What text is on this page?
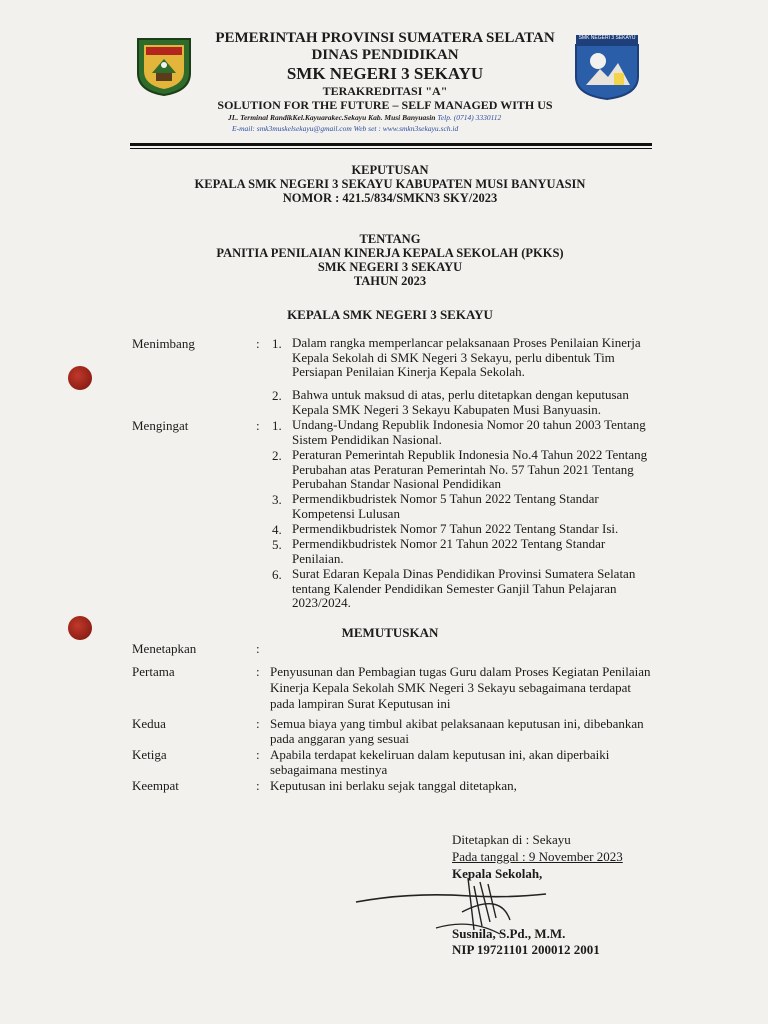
SMK NEGERI 3 SEKAYU
PEMERINTAH PROVINSI SUMATERA SELATAN
DINAS PENDIDIKAN
SMK NEGERI 3 SEKAYU
TERAKREDITASI "A"
SOLUTION FOR THE FUTURE – SELF MANAGED WITH US
JL. Terminal RandikKel.Kayuarakec.Sekayu Kab. Musi Banyuasin Telp. (0714) 3330112
E-mail: smk3muskelsekayu@gmail.com Web set : www.smkn3sekayu.sch.id
KEPUTUSAN
KEPALA SMK NEGERI 3 SEKAYU KABUPATEN MUSI BANYUASIN
NOMOR : 421.5/834/SMKN3 SKY/2023
TENTANG
PANITIA PENILAIAN KINERJA KEPALA SEKOLAH (PKKS)
SMK NEGERI 3 SEKAYU
TAHUN 2023
KEPALA SMK NEGERI 3 SEKAYU
Menimbang	: 1. Dalam rangka memperlancar pelaksanaan Proses Penilaian Kinerja
Kepala Sekolah di SMK Negeri 3 Sekayu, perlu dibentuk Tim
Persiapan Penilaian Kinerja Kepala Sekolah.
2. Bahwa untuk maksud di atas, perlu ditetapkan dengan keputusan
Kepala SMK Negeri 3 Sekayu Kabupaten Musi Banyuasin.
Mengingat	: 1. Undang-Undang Republik Indonesia Nomor 20 tahun 2003 Tentang
Sistem Pendidikan Nasional.
2. Peraturan Pemerintah Republik Indonesia No.4 Tahun 2022 Tentang
Perubahan atas Peraturan Pemerintah No. 57 Tahun 2021 Tentang
Perubahan Standar Nasional Pendidikan
3. Permendikbudristek Nomor 5 Tahun 2022 Tentang Standar
Kompetensi Lulusan
4. Permendikbudristek Nomor 7 Tahun 2022 Tentang Standar Isi.
5. Permendikbudristek Nomor 21 Tahun 2022 Tentang Standar
Penilaian.
6. Surat Edaran Kepala Dinas Pendidikan Provinsi Sumatera Selatan
tentang Kalender Pendidikan Semester Ganjil Tahun Pelajaran
2023/2024.
MEMUTUSKAN
Menetapkan	:
Pertama	: Penyusunan dan Pembagian tugas Guru dalam Proses Kegiatan Penilaian
Kinerja Kepala Sekolah SMK Negeri 3 Sekayu sebagaimana terdapat
pada lampiran Surat Keputusan ini
Kedua	: Semua biaya yang timbul akibat pelaksanaan keputusan ini, dibebankan
pada anggaran yang sesuai
Ketiga	: Apabila terdapat kekeliruan dalam keputusan ini, akan diperbaiki
sebagaimana mestinya
Keempat	: Keputusan ini berlaku sejak tanggal ditetapkan,
Ditetapkan di : Sekayu
Pada tanggal : 9 November 2023
Kepala Sekolah,
Susnila, S.Pd., M.M.
NIP 19721101 200012 2001
